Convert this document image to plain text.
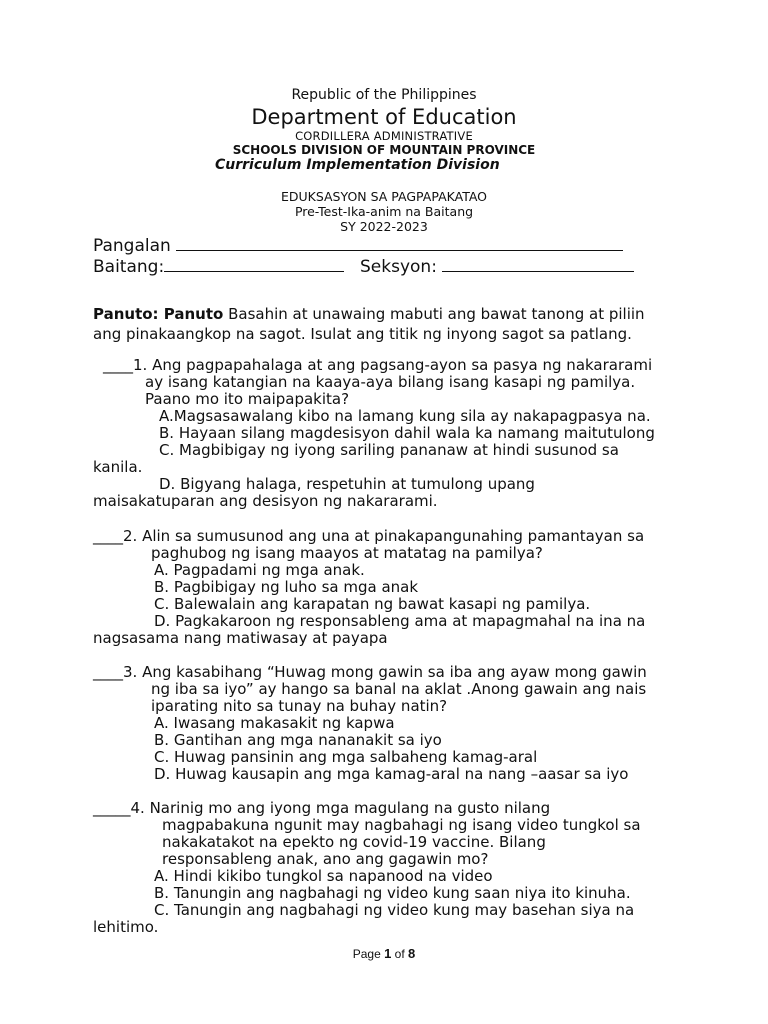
Republic of the Philippines
Department of Education
CORDILLERA ADMINISTRATIVE
SCHOOLS DIVISION OF MOUNTAIN PROVINCE
Curriculum Implementation Division
EDUKSASYON SA PAGPAPAKATAO
Pre-Test-Ika-anim na Baitang
SY 2022-2023
Pangalan
Baitang:	Seksyon:
Panuto: Panuto Basahin at unawaing mabuti ang bawat tanong at piliin
ang pinakaangkop na sagot. Isulat ang titik ng inyong sagot sa patlang.
____1. Ang pagpapahalaga at ang pagsang-ayon sa pasya ng nakararami
ay isang katangian na kaaya-aya bilang isang kasapi ng pamilya.
Paano mo ito maipapakita?
A.Magsasawalang kibo na lamang kung sila ay nakapagpasya na.
B. Hayaan silang magdesisyon dahil wala ka namang maitutulong
C. Magbibigay ng iyong sariling pananaw at hindi susunod sa
kanila.
D. Bigyang halaga, respetuhin at tumulong upang
maisakatuparan ang desisyon ng nakararami.
____2. Alin sa sumusunod ang una at pinakapangunahing pamantayan sa
paghubog ng isang maayos at matatag na pamilya?
A. Pagpadami ng mga anak.
B. Pagbibigay ng luho sa mga anak
C. Balewalain ang karapatan ng bawat kasapi ng pamilya.
D. Pagkakaroon ng responsableng ama at mapagmahal na ina na
nagsasama nang matiwasay at payapa
____3. Ang kasabihang “Huwag mong gawin sa iba ang ayaw mong gawin
ng iba sa iyo” ay hango sa banal na aklat .Anong gawain ang nais
iparating nito sa tunay na buhay natin?
A. Iwasang makasakit ng kapwa
B. Gantihan ang mga nananakit sa iyo
C. Huwag pansinin ang mga salbaheng kamag-aral
D. Huwag kausapin ang mga kamag-aral na nang –aasar sa iyo
_____4. Narinig mo ang iyong mga magulang na gusto nilang
magpabakuna ngunit may nagbahagi ng isang video tungkol sa
nakakatakot na epekto ng covid-19 vaccine. Bilang
responsableng anak, ano ang gagawin mo?
A. Hindi kikibo tungkol sa napanood na video
B. Tanungin ang nagbahagi ng video kung saan niya ito kinuha.
C. Tanungin ang nagbahagi ng video kung may basehan siya na
lehitimo.
Page 1 of 8
